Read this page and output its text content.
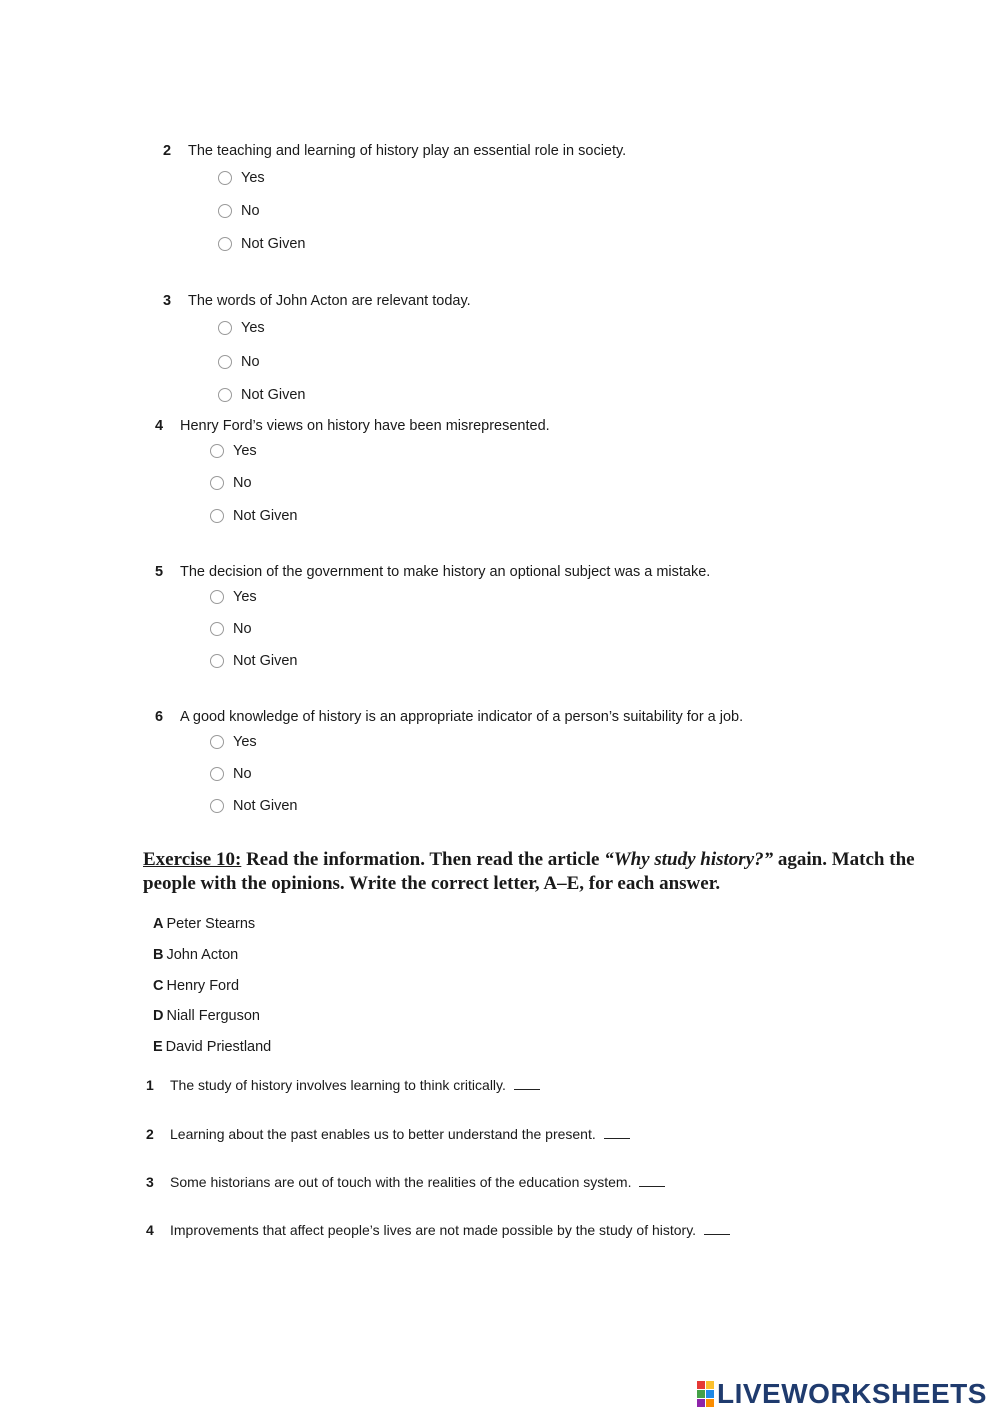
2 The teaching and learning of history play an essential role in society.
Yes
No
Not Given
3 The words of John Acton are relevant today.
Yes
No
Not Given
4 Henry Ford’s views on history have been misrepresented.
Yes
No
Not Given
5 The decision of the government to make history an optional subject was a mistake.
Yes
No
Not Given
6 A good knowledge of history is an appropriate indicator of a person’s suitability for a job.
Yes
No
Not Given
Exercise 10: Read the information. Then read the article “Why study history?” again. Match the people with the opinions. Write the correct letter, A–E, for each answer.
A Peter Stearns
B John Acton
C Henry Ford
D Niall Ferguson
E David Priestland
1 The study of history involves learning to think critically.
2 Learning about the past enables us to better understand the present.
3 Some historians are out of touch with the realities of the education system.
4 Improvements that affect people’s lives are not made possible by the study of history.
LIVEWORKSHEETS
